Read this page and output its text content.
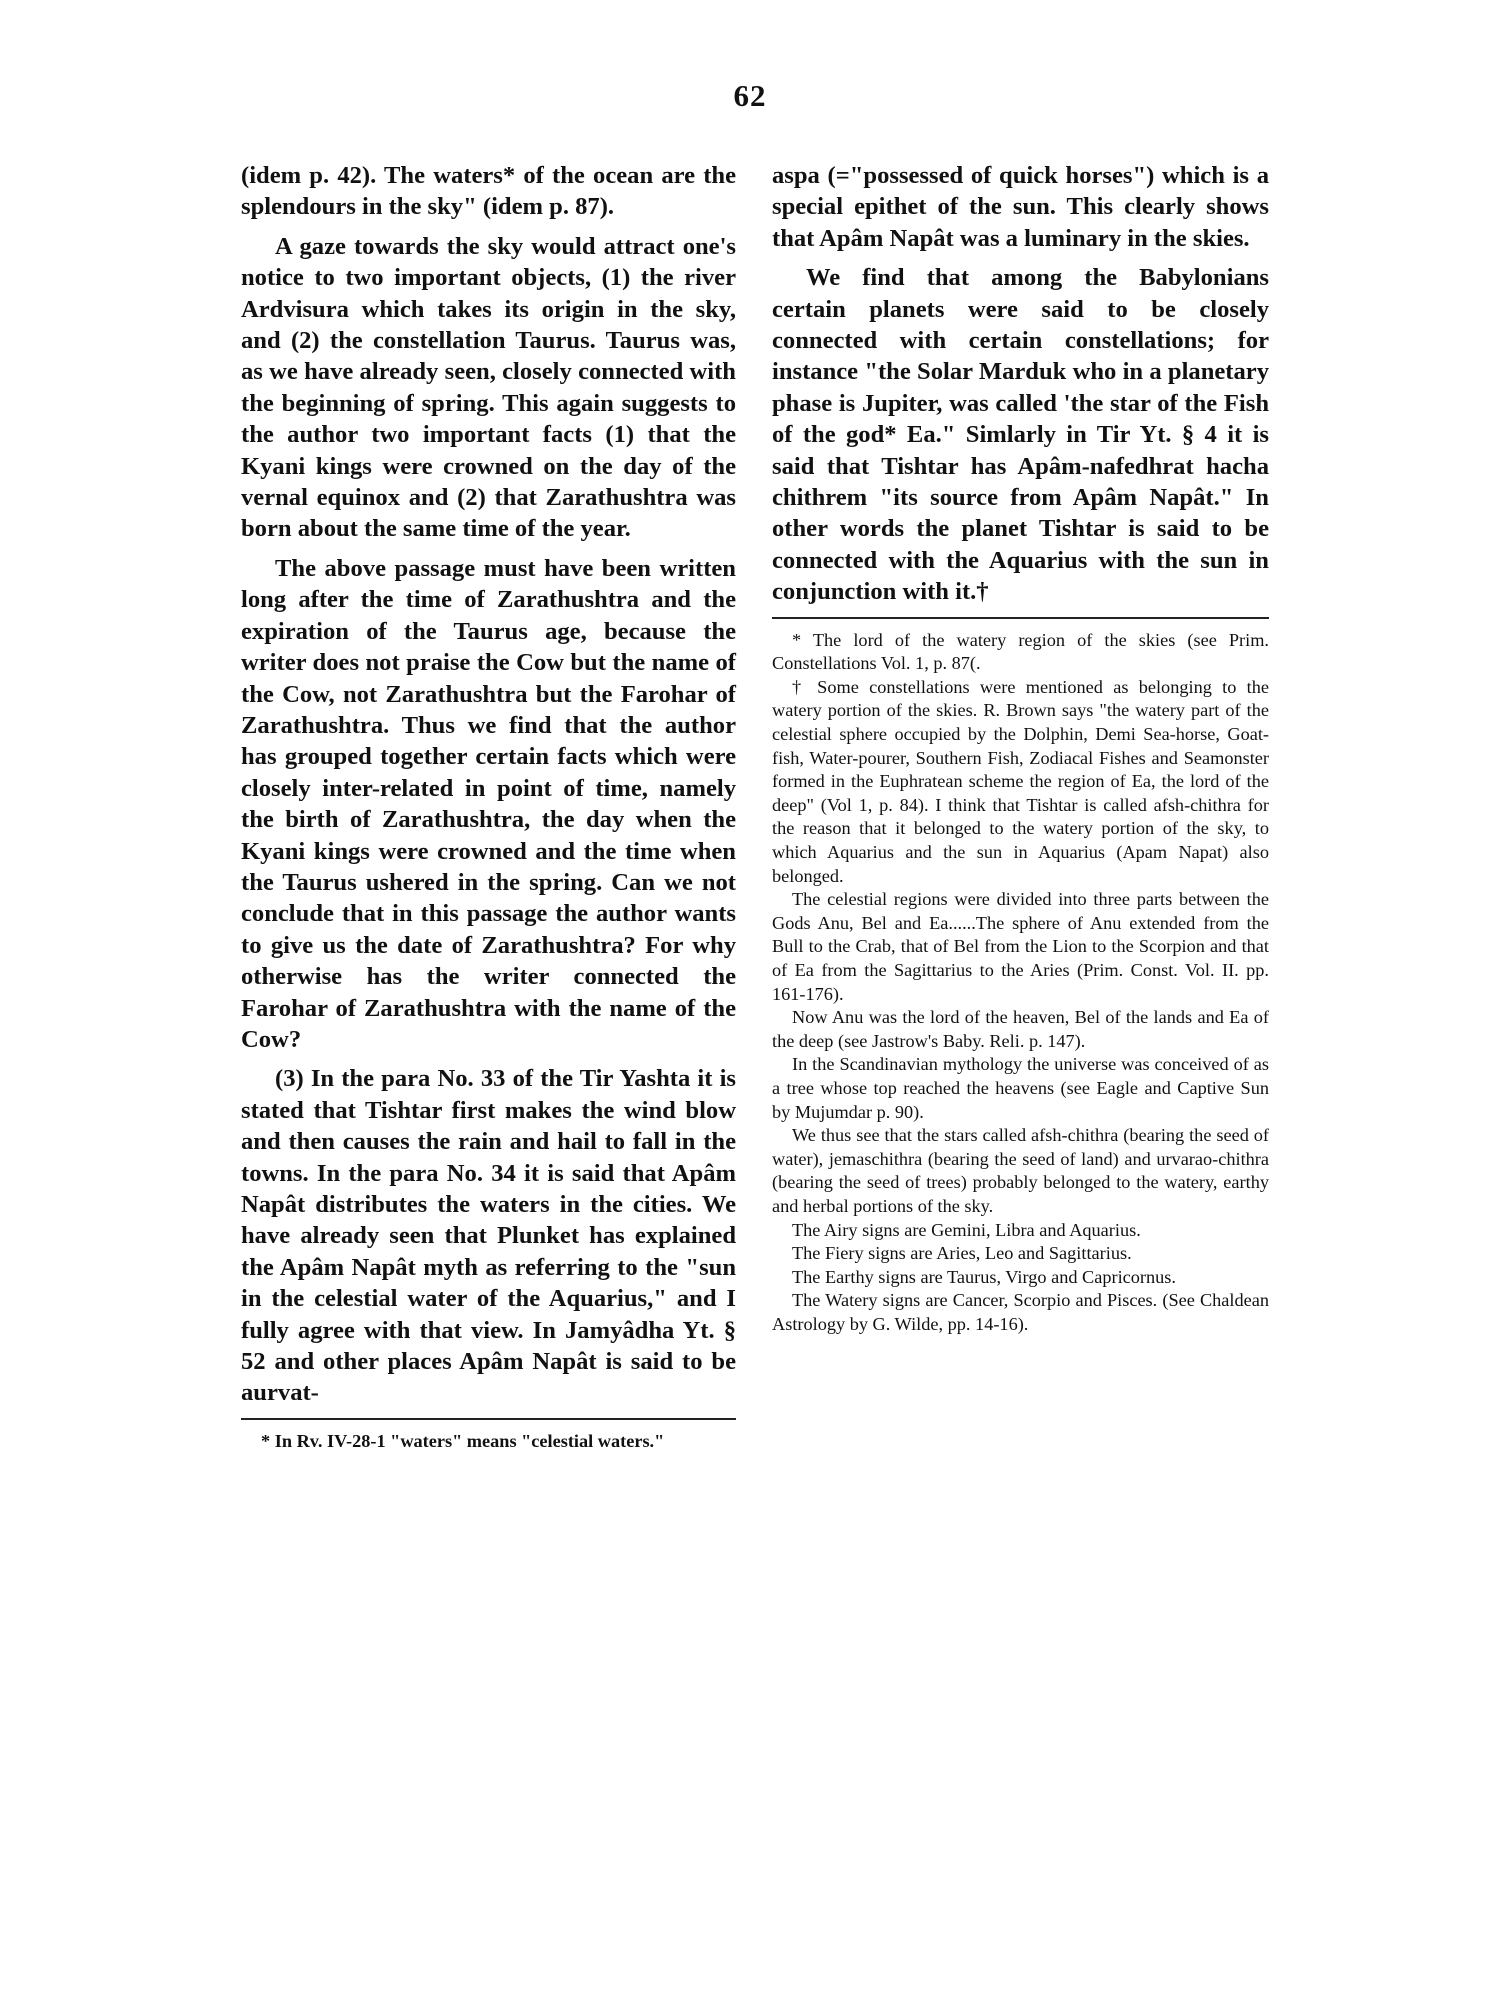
62

(idem p. 42). The waters* of the ocean are the splendours in the sky" (idem p. 87).

A gaze towards the sky would attract one's notice to two important objects, (1) the river Ardvisura which takes its origin in the sky, and (2) the constellation Taurus. Taurus was, as we have already seen, closely connected with the beginning of spring. This again suggests to the author two important facts (1) that the Kyani kings were crowned on the day of the vernal equinox and (2) that Zarathushtra was born about the same time of the year.

The above passage must have been written long after the time of Zarathushtra and the expiration of the Taurus age, because the writer does not praise the Cow but the name of the Cow, not Zarathushtra but the Farohar of Zarathushtra. Thus we find that the author has grouped together certain facts which were closely inter-related in point of time, namely the birth of Zarathushtra, the day when the Kyani kings were crowned and the time when the Taurus ushered in the spring. Can we not conclude that in this passage the author wants to give us the date of Zarathushtra? For why otherwise has the writer connected the Farohar of Zarathushtra with the name of the Cow?

(3) In the para No. 33 of the Tir Yashta it is stated that Tishtar first makes the wind blow and then causes the rain and hail to fall in the towns. In the para No. 34 it is said that Apâm Napât distributes the waters in the cities. We have already seen that Plunket has explained the Apâm Napât myth as referring to the "sun in the celestial water of the Aquarius," and I fully agree with that view. In Jamyâdha Yt. § 52 and other places Apâm Napât is said to be aurvat-

* In Rv. IV-28-1 "waters" means "celestial waters."

aspa (="possessed of quick horses") which is a special epithet of the sun. This clearly shows that Apâm Napât was a luminary in the skies.

We find that among the Babylonians certain planets were said to be closely connected with certain constellations; for instance "the Solar Marduk who in a planetary phase is Jupiter, was called 'the star of the Fish of the god* Ea." Simlarly in Tir Yt. § 4 it is said that Tishtar has Apâm-nafedhrat hacha chithrem "its source from Apâm Napât." In other words the planet Tishtar is said to be connected with the Aquarius with the sun in conjunction with it.†

* The lord of the watery region of the skies (see Prim. Constellations Vol. 1, p. 87(.

† Some constellations were mentioned as belonging to the watery portion of the skies. R. Brown says "the watery part of the celestial sphere occupied by the Dolphin, Demi Sea-horse, Goat-fish, Water-pourer, Southern Fish, Zodiacal Fishes and Seamonster formed in the Euphratean scheme the region of Ea, the lord of the deep" (Vol 1, p. 84). I think that Tishtar is called afsh-chithra for the reason that it belonged to the watery portion of the sky, to which Aquarius and the sun in Aquarius (Apam Napat) also belonged.

The celestial regions were divided into three parts between the Gods Anu, Bel and Ea......The sphere of Anu extended from the Bull to the Crab, that of Bel from the Lion to the Scorpion and that of Ea from the Sagittarius to the Aries (Prim. Const. Vol. II. pp. 161-176).

Now Anu was the lord of the heaven, Bel of the lands and Ea of the deep (see Jastrow's Baby. Reli. p. 147).

In the Scandinavian mythology the universe was conceived of as a tree whose top reached the heavens (see Eagle and Captive Sun by Mujumdar p. 90).

We thus see that the stars called afsh-chithra (bearing the seed of water), jemaschithra (bearing the seed of land) and urvarao-chithra (bearing the seed of trees) probably belonged to the watery, earthy and herbal portions of the sky.

The Airy signs are Gemini, Libra and Aquarius.

The Fiery signs are Aries, Leo and Sagittarius.

The Earthy signs are Taurus, Virgo and Capricornus.

The Watery signs are Cancer, Scorpio and Pisces. (See Chaldean Astrology by G. Wilde, pp. 14-16).
